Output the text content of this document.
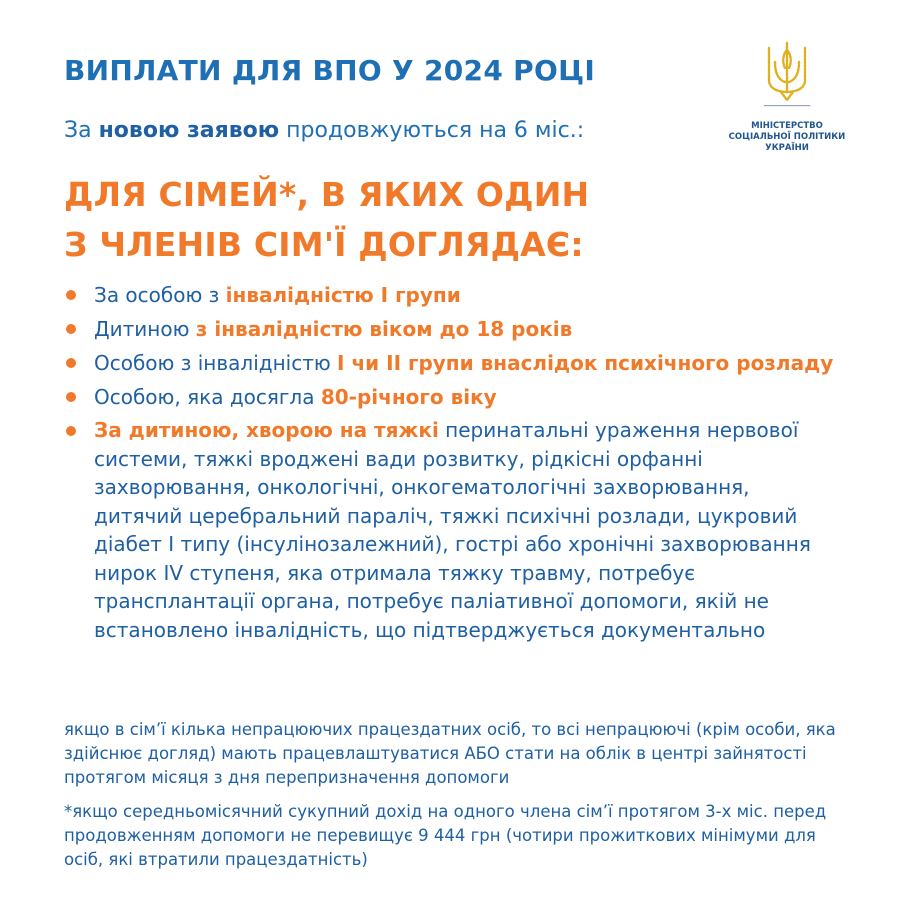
ВИПЛАТИ ДЛЯ ВПО У 2024 РОЦІ
За новою заявою продовжуються на 6 міс.:
━━━━━━━━━━━━━━━━━━━━━━
МІНІСТЕРСТВО
СОЦІАЛЬНОЇ ПОЛІТИКИ
УКРАЇНИ
ДЛЯ СІМЕЙ*, В ЯКИХ ОДИН
З ЧЛЕНІВ СІМ'Ї ДОГЛЯДАЄ:
За особою з інвалідністю І групи
Дитиною з інвалідністю віком до 18 років
Особою з інвалідністю І чи ІІ групи внаслідок психічного розладу
Особою, яка досягла 80-річного віку
За дитиною, хворою на тяжкі перинатальні ураження нервової системи, тяжкі вроджені вади розвитку, рідкісні орфанні захворювання, онкологічні, онкогематологічні захворювання, дитячий церебральний параліч, тяжкі психічні розлади, цукровий діабет І типу (інсулінозалежний), гострі або хронічні захворювання нирок IV ступеня, яка отримала тяжку травму, потребує трансплантації органа, потребує паліативної допомоги, якій не встановлено інвалідність, що підтверджується документально
якщо в сім’ї кілька непрацюючих працездатних осіб, то всі непрацюючі (крім особи, яка здійснює догляд) мають працевлаштуватися АБО стати на облік в центрі зайнятості протягом місяця з дня перепризначення допомоги
*якщо середньомісячний сукупний дохід на одного члена сім’ї протягом 3-х міс. перед продовженням допомоги не перевищує 9 444 грн (чотири прожиткових мінімуми для осіб, які втратили працездатність)
